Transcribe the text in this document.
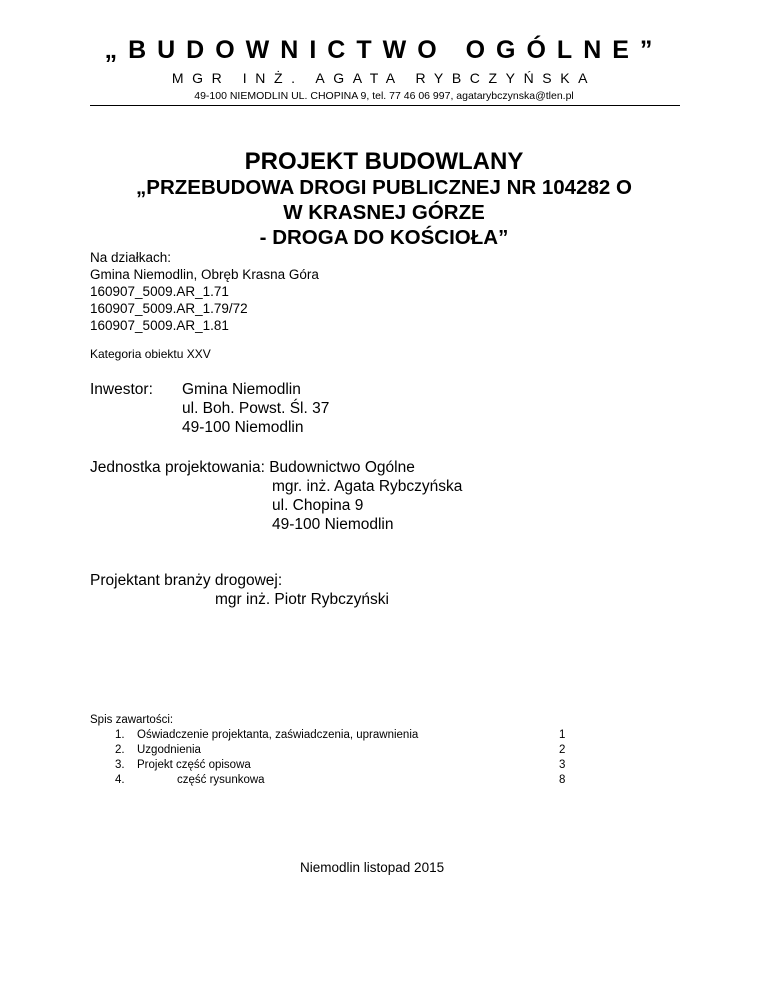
„BUDOWNICTWO OGÓLNE”
MGR INŻ. AGATA RYBCZYŃSKA
49-100 NIEMODLIN UL. CHOPINA 9, tel. 77 46 06 997, agatarybczynska@tlen.pl
PROJEKT BUDOWLANY
„PRZEBUDOWA DROGI PUBLICZNEJ NR 104282 O
W KRASNEJ GÓRZE
- DROGA DO KOŚCIOŁA”
Na działkach:
Gmina Niemodlin, Obręb Krasna Góra
160907_5009.AR_1.71
160907_5009.AR_1.79/72
160907_5009.AR_1.81
Kategoria obiektu XXV
Inwestor: Gmina Niemodlin
ul. Boh. Powst. Śl. 37
49-100 Niemodlin
Jednostka projektowania: Budownictwo Ogólne
mgr. inż. Agata Rybczyńska
ul. Chopina 9
49-100 Niemodlin
Projektant branży drogowej:
mgr inż. Piotr Rybczyński
Spis zawartości:
1. Oświadczenie projektanta, zaświadczenia, uprawnienia	1
2. Uzgodnienia	2
3. Projekt część opisowa	3
4.	część rysunkowa	8
Niemodlin listopad 2015
